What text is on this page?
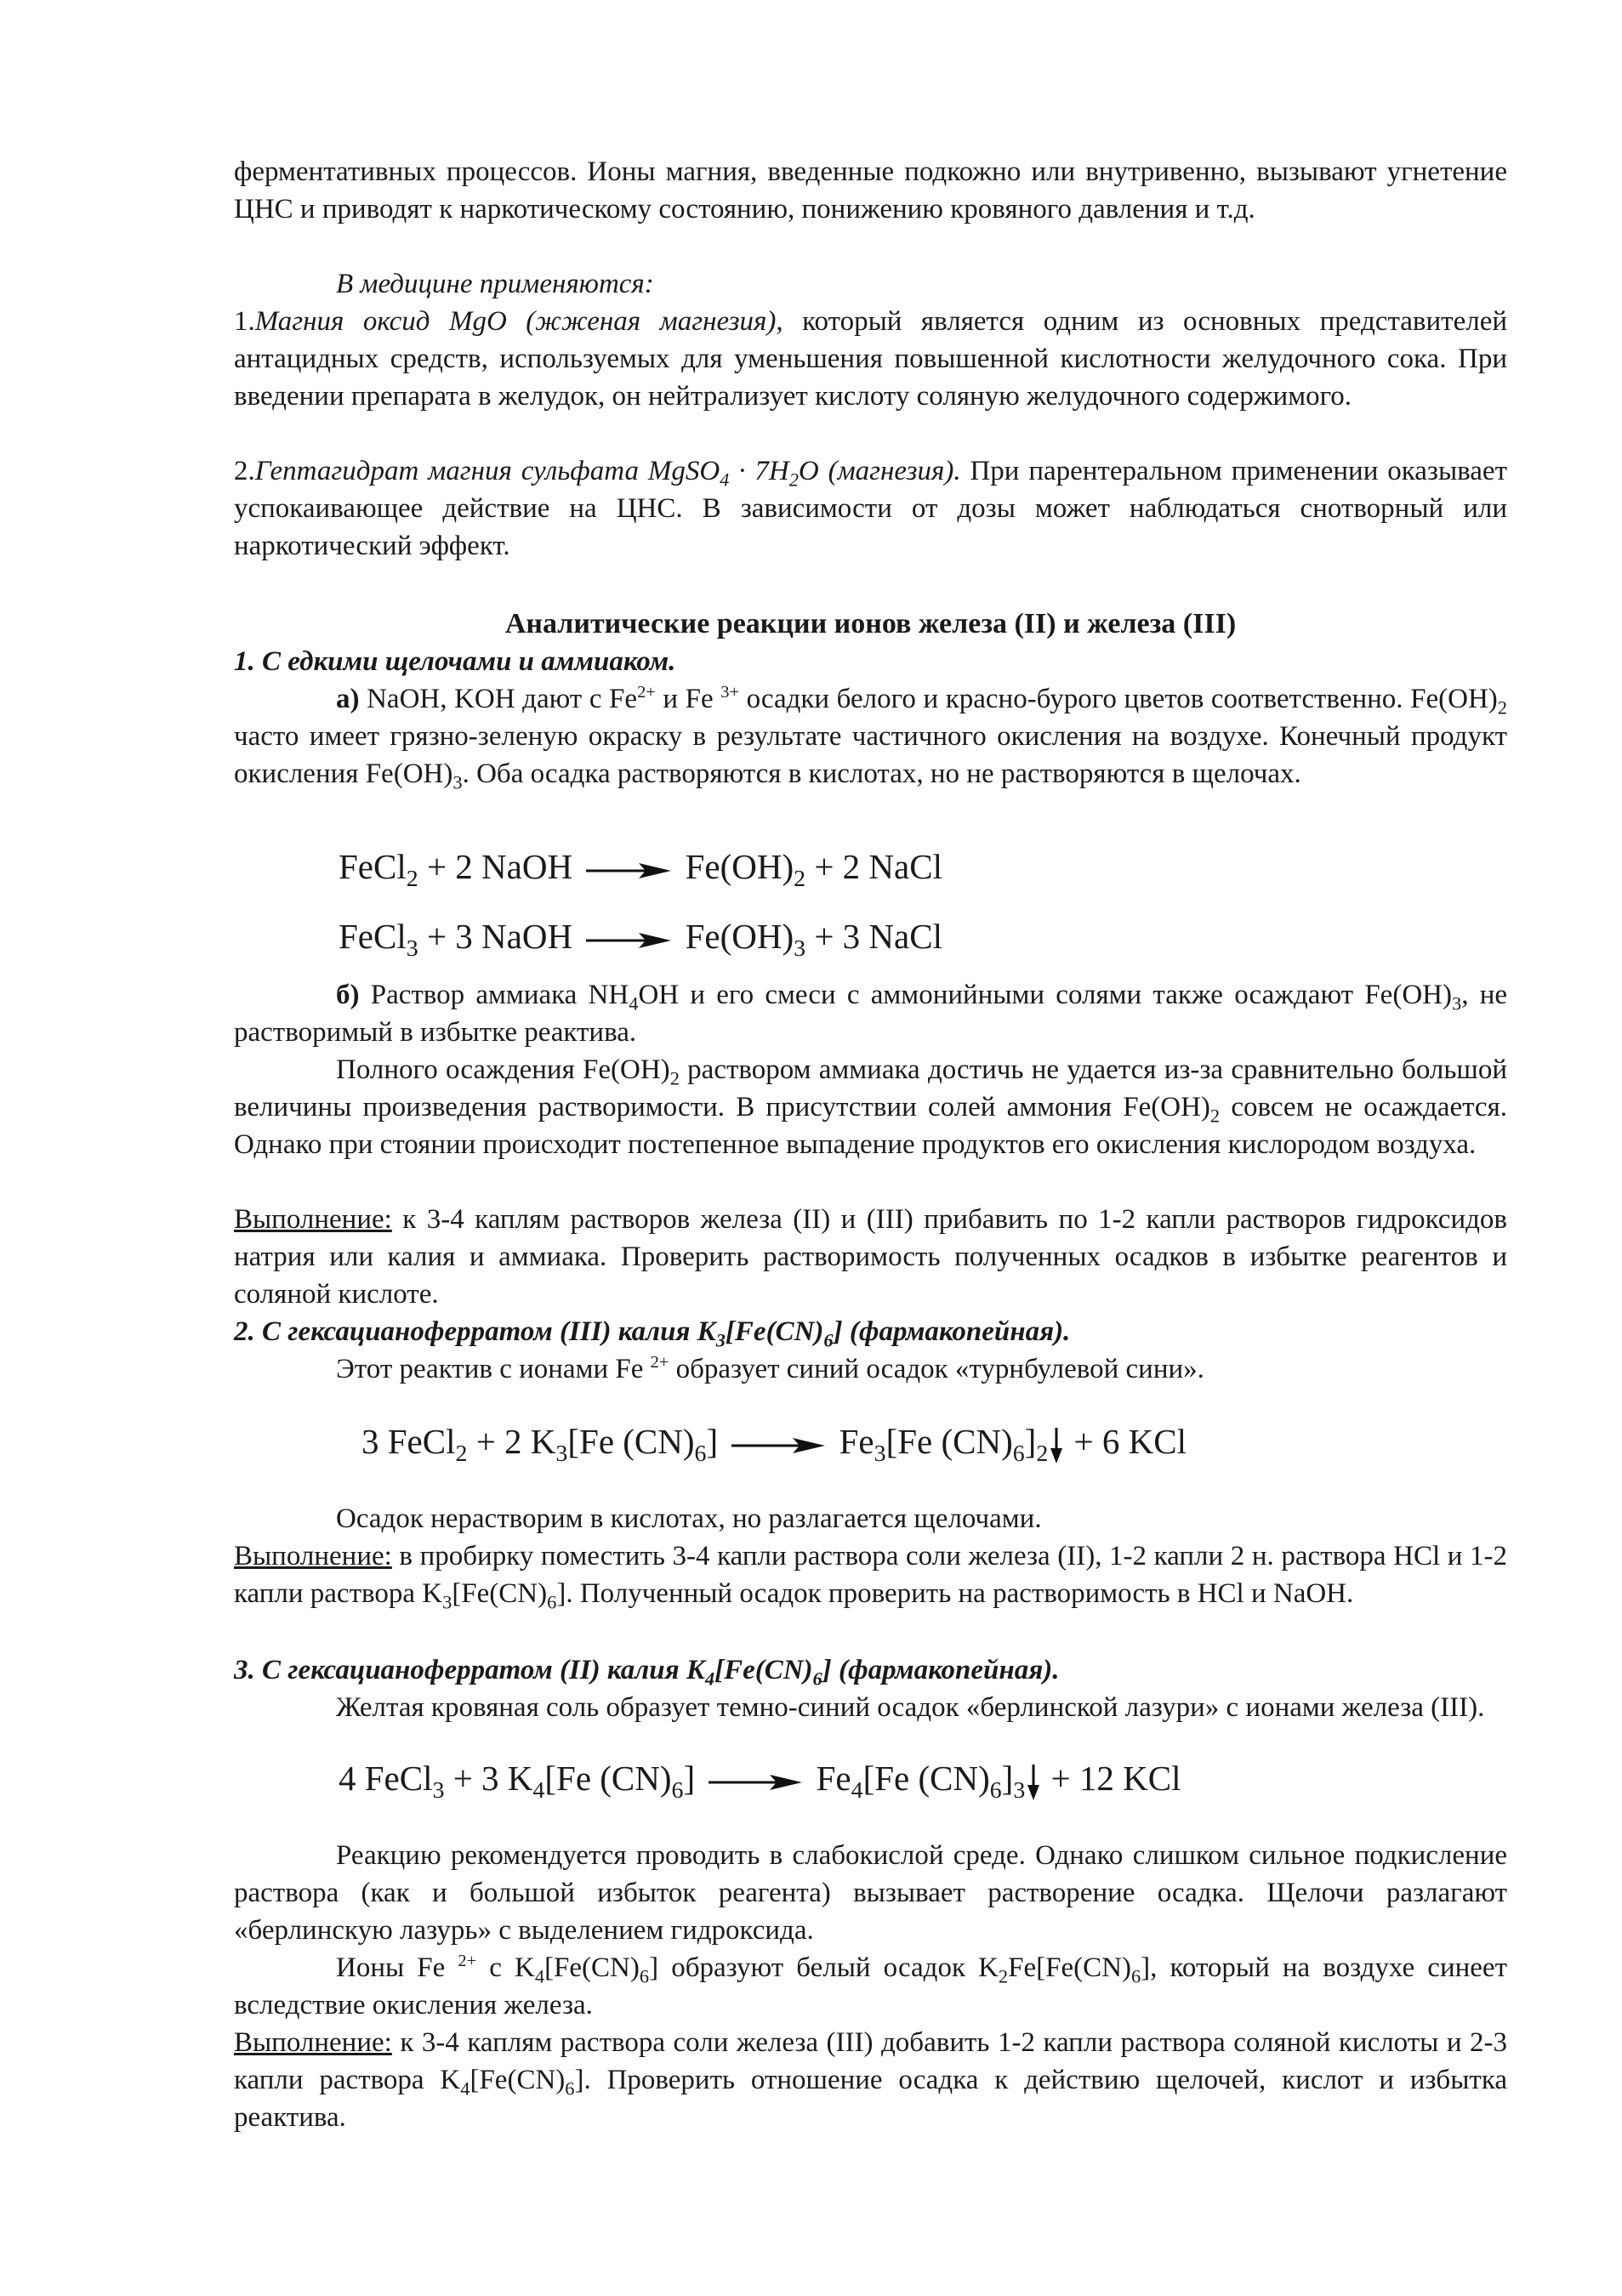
ферментативных процессов. Ионы магния, введенные подкожно или внутривенно, вызывают угнетение ЦНС и приводят к наркотическому состоянию, понижению кровяного давления и т.д.

В медицине применяются:

1.Магния оксид MgO (жженая магнезия), который является одним из основных представителей антацидных средств, используемых для уменьшения повышенной кислотности желудочного сока. При введении препарата в желудок, он нейтрализует кислоту соляную желудочного содержимого.

2.Гептагидрат магния сульфата MgSO$_4$ · $7H_2O$ (магнезия). При парентеральном применении оказывает успокаивающее действие на ЦНС. В зависимости от дозы может наблюдаться снотворный или наркотический эффект.

Аналитические реакции ионов железа (II) и железа (III)

1. С едкими щелочами и аммиаком.

а) NaOH, KOH дают с $Fe^{2+}$ и Fe $^{3+}$ осадки белого и красно-бурого цветов соответственно. $Fe(OH)_2$ часто имеет грязно-зеленую окраску в результате частичного окисления на воздухе. Конечный продукт окисления $Fe(OH)_3$. Оба осадка растворяются в кислотах, но не растворяются в щелочах.

FeCl$_2$ + 2 NaOH → $Fe(OH)_2 + 2$ NaCl
FeCl$_3$ + 3 NaOH → $Fe(OH)_3 + 3$ NaCl

б) Раствор аммиака $NH_4OH$ и его смеси с аммонийными солями также осаждают $Fe(OH)_3$, не растворимый в избытке реактива.

Полного осаждения $Fe(OH)_2$ раствором аммиака достичь не удается из-за сравнительно большой величины произведения растворимости. В присутствии солей аммония $Fe(OH)_2$ совсем не осаждается. Однако при стоянии происходит постепенное выпадение продуктов его окисления кислородом воздуха.

Выполнение: к 3-4 каплям растворов железа (II) и (III) прибавить по 1-2 капли растворов гидроксидов натрия или калия и аммиака. Проверить растворимость полученных осадков в избытке реагентов и соляной кислоте.

2. С гексацианоферратом (III) калия $K_3[Fe(CN)_6]$ (фармакопейная).

Этот реактив с ионами Fe $^{2+}$ образует синий осадок «турнбулевой сини».

3 FeCl$_2$ + 2 $K_3[Fe$ $(CN)_6] \to Fe_3[Fe$ $(CN)_6]_2 + 6$ KCl

Осадок нерастворим в кислотах, но разлагается щелочами.

Выполнение: в пробирку поместить 3-4 капли раствора соли железа (II), 1-2 капли 2 н. раствора HCl и 1-2 капли раствора $K_3[Fe(CN)_6]$. Полученный осадок проверить на растворимость в HCl и NaOH.

3. С гексацианоферратом (II) калия $K_4[Fe(CN)_6]$ (фармакопейная).

Желтая кровяная соль образует темно-синий осадок «берлинской лазури» с ионами железа (III).

4 FeCl$_3$ + 3 $K_4[Fe$ $(CN)_6] \to Fe_4[Fe$ $(CN)_6]_3 + 12$ KCl

Реакцию рекомендуется проводить в слабокислой среде. Однако слишком сильное подкисление раствора (как и большой избыток реагента) вызывает растворение осадка. Щелочи разлагают «берлинскую лазурь» с выделением гидроксида.

Ионы Fe $^{2+}$ с $K_4[Fe(CN)_6]$ образуют белый осадок $K_2Fe[Fe(CN)_6]$, который на воздухе синеет вследствие окисления железа.

Выполнение: к 3-4 каплям раствора соли железа (III) добавить 1-2 капли раствора соляной кислоты и 2-3 капли раствора $K_4[Fe(CN)_6]$. Проверить отношение осадка к действию щелочей, кислот и избытка реактива.
